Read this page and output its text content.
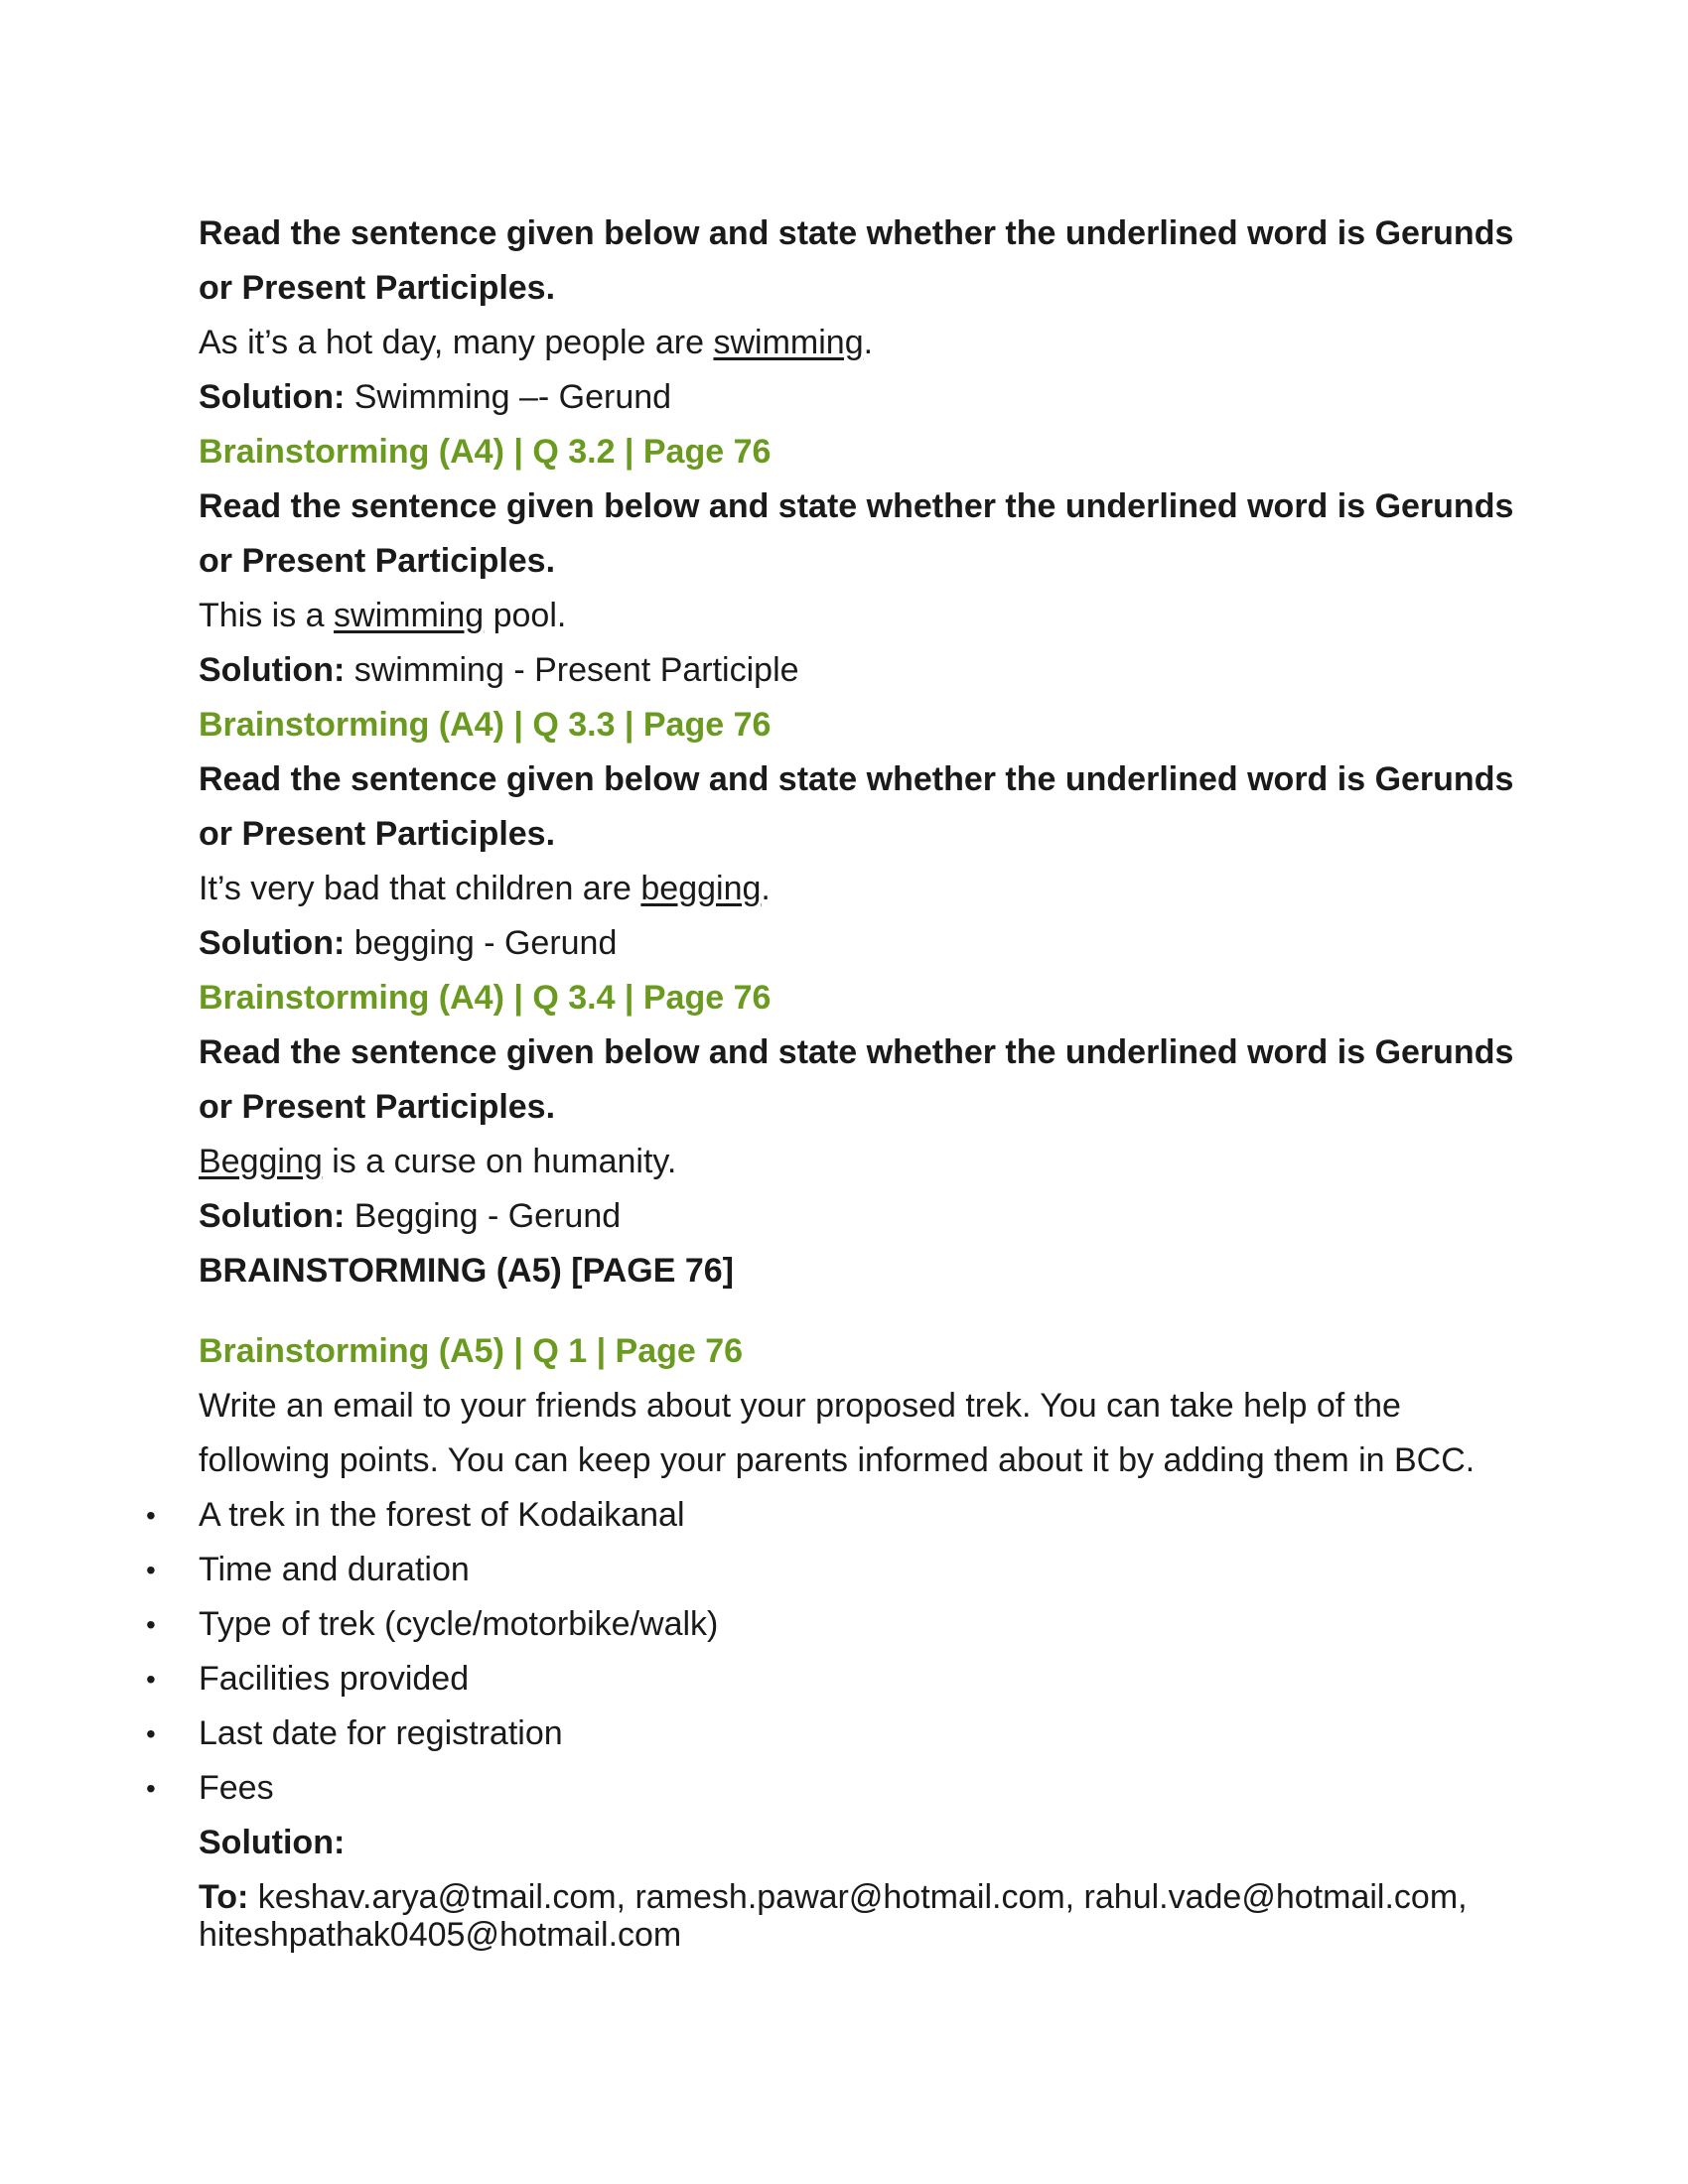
Read the sentence given below and state whether the underlined word is Gerunds
or Present Participles.
As it’s a hot day, many people are swimming.
Solution: Swimming –- Gerund
Brainstorming (A4) | Q 3.2 | Page 76
Read the sentence given below and state whether the underlined word is Gerunds
or Present Participles.
This is a swimming pool.
Solution: swimming - Present Participle
Brainstorming (A4) | Q 3.3 | Page 76
Read the sentence given below and state whether the underlined word is Gerunds
or Present Participles.
It’s very bad that children are begging.
Solution: begging - Gerund
Brainstorming (A4) | Q 3.4 | Page 76
Read the sentence given below and state whether the underlined word is Gerunds
or Present Participles.
Begging is a curse on humanity.
Solution: Begging - Gerund
BRAINSTORMING (A5) [PAGE 76]
Brainstorming (A5) | Q 1 | Page 76
Write an email to your friends about your proposed trek. You can take help of the
following points. You can keep your parents informed about it by adding them in BCC.
• A trek in the forest of Kodaikanal
• Time and duration
• Type of trek (cycle/motorbike/walk)
• Facilities provided
• Last date for registration
• Fees
Solution:
To: keshav.arya@tmail.com, ramesh.pawar@hotmail.com, rahul.vade@hotmail.com, hiteshpathak0405@hotmail.com
